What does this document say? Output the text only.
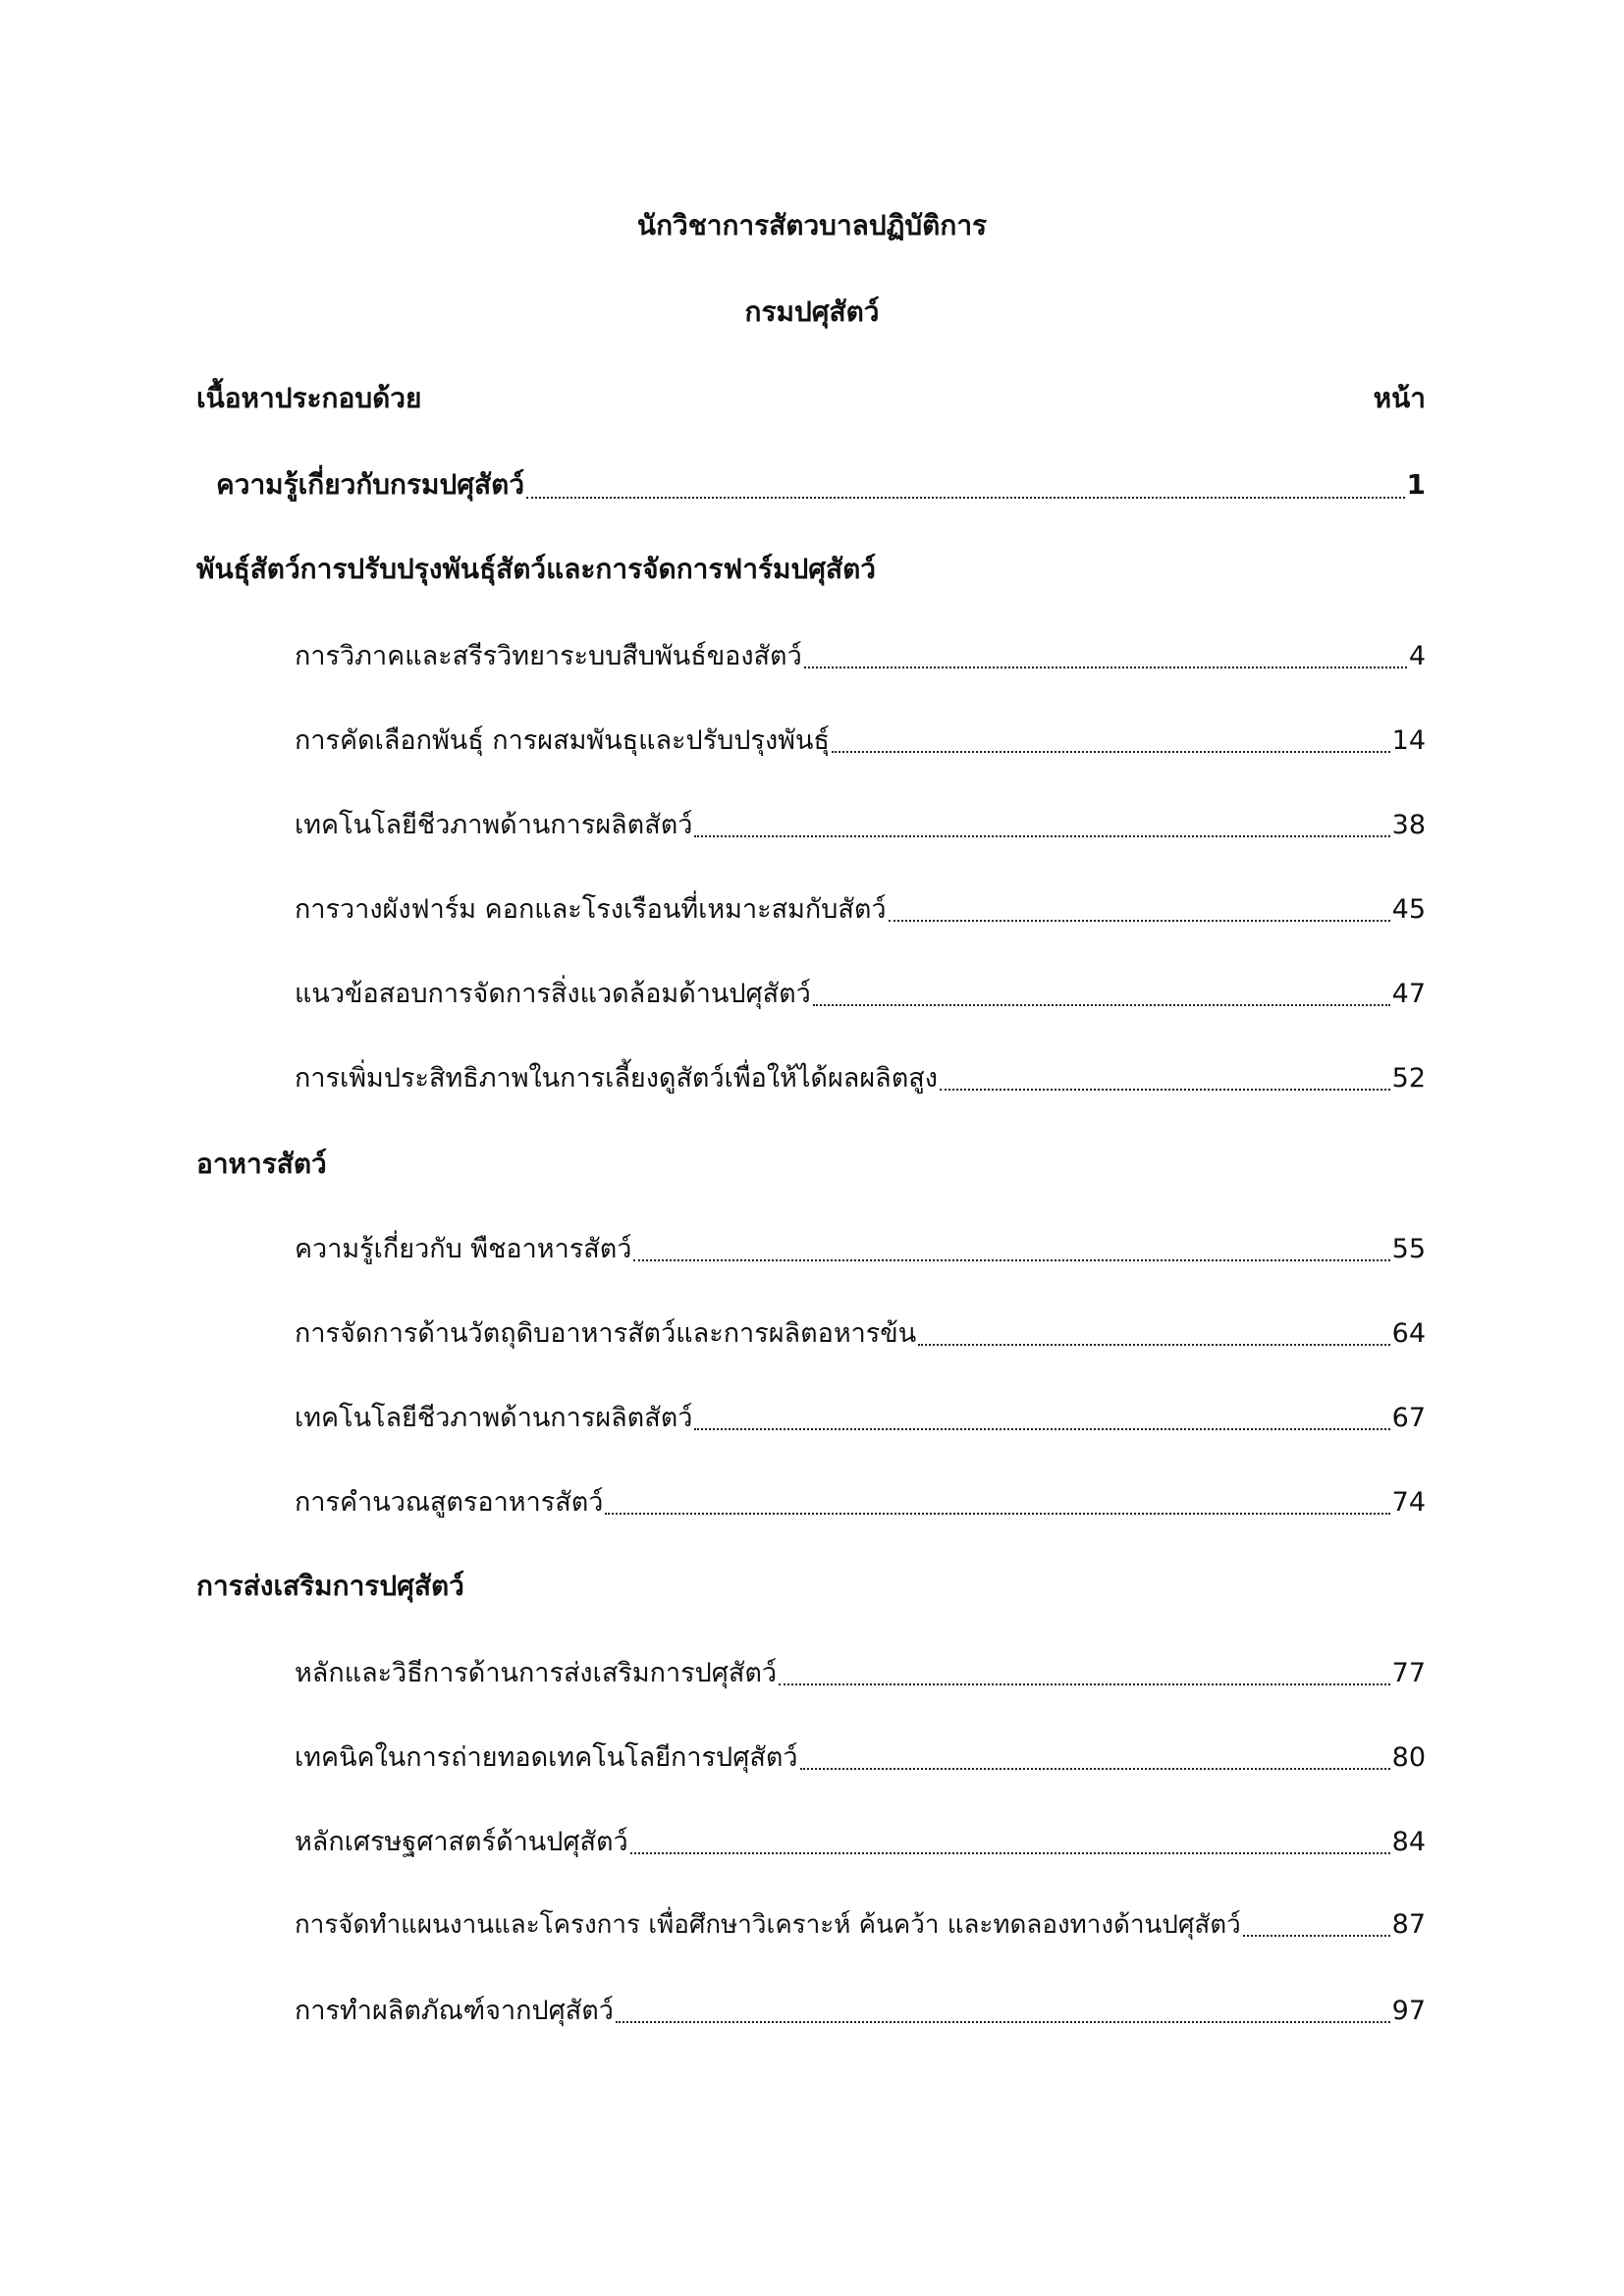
นักวิชาการสัตวบาลปฏิบัติการ
กรมปศุสัตว์
เนื้อหาประกอบด้วย	หน้า
ความรู้เกี่ยวกับกรมปศุสัตว์	1
พันธุ์สัตว์การปรับปรุงพันธุ์สัตว์และการจัดการฟาร์มปศุสัตว์
การวิภาคและสรีรวิทยาระบบสืบพันธ์ของสัตว์	4
การคัดเลือกพันธุ์ การผสมพันธุและปรับปรุงพันธุ์	14
เทคโนโลยีชีวภาพด้านการผลิตสัตว์	38
การวางผังฟาร์ม คอกและโรงเรือนที่เหมาะสมกับสัตว์	45
แนวข้อสอบการจัดการสิ่งแวดล้อมด้านปศุสัตว์	47
การเพิ่มประสิทธิภาพในการเลี้ยงดูสัตว์เพื่อให้ได้ผลผลิตสูง	52
อาหารสัตว์
ความรู้เกี่ยวกับ พืชอาหารสัตว์	55
การจัดการด้านวัตถุดิบอาหารสัตว์และการผลิตอหารข้น	64
เทคโนโลยีชีวภาพด้านการผลิตสัตว์	67
การคำนวณสูตรอาหารสัตว์	74
การส่งเสริมการปศุสัตว์
หลักและวิธีการด้านการส่งเสริมการปศุสัตว์	77
เทคนิคในการถ่ายทอดเทคโนโลยีการปศุสัตว์	80
หลักเศรษฐศาสตร์ด้านปศุสัตว์	84
การจัดทำแผนงานและโครงการ เพื่อศึกษาวิเคราะห์ ค้นคว้า และทดลองทางด้านปศุสัตว์	87
การทำผลิตภัณฑ์จากปศุสัตว์	97
